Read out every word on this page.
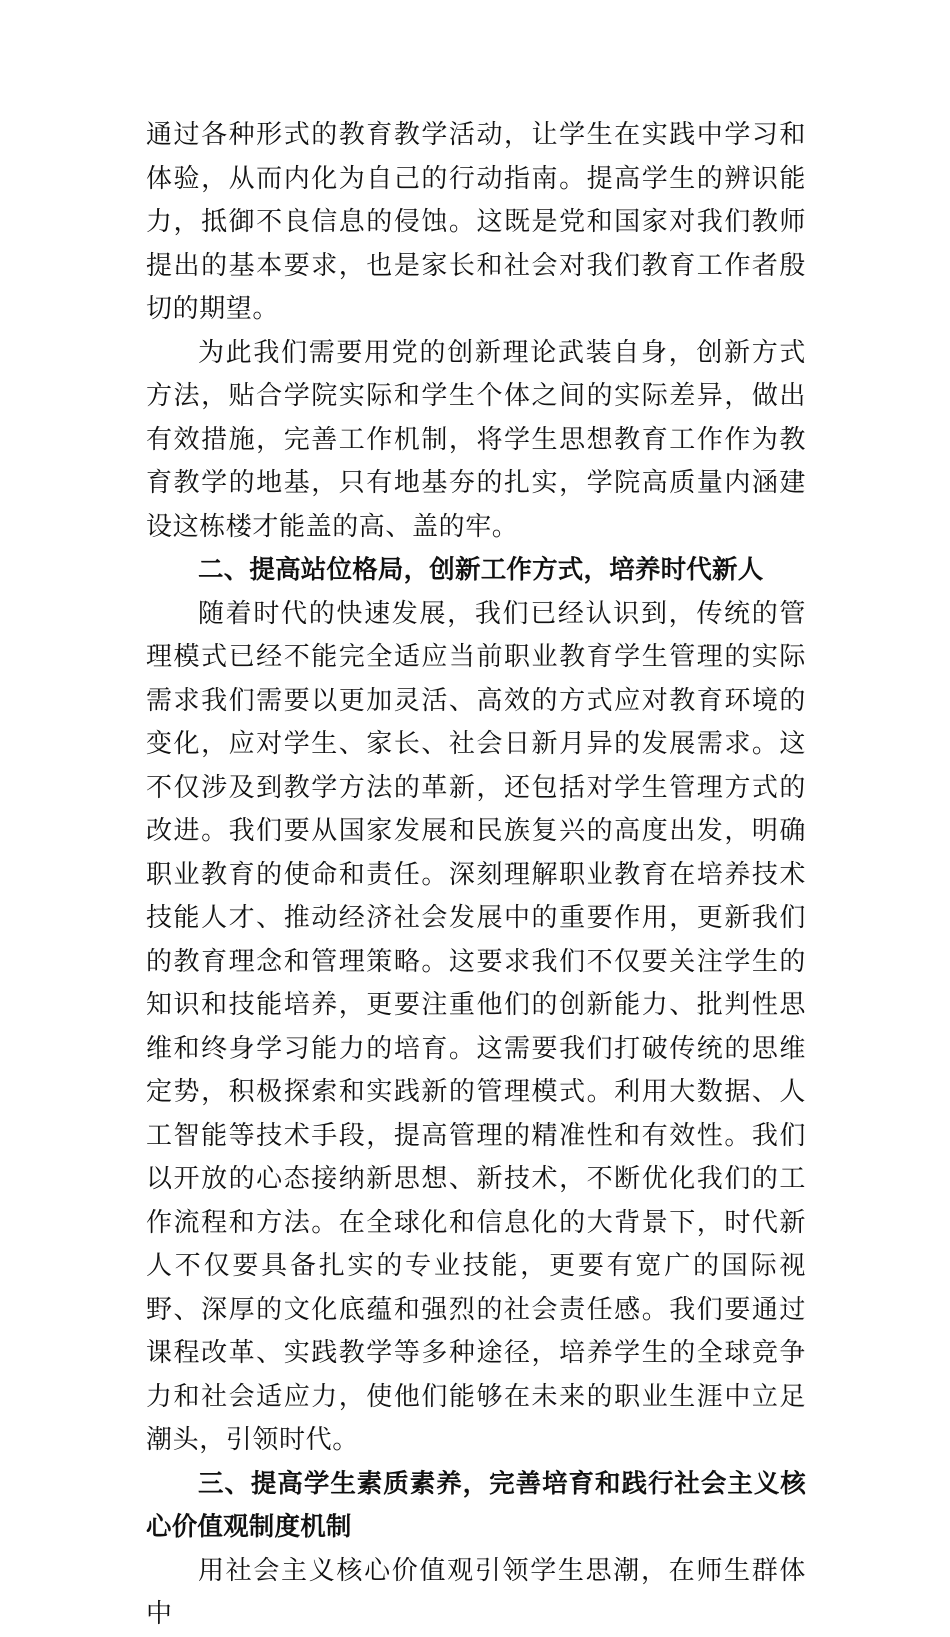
通过各种形式的教育教学活动，让学生在实践中学习和体验，从而内化为自己的行动指南。提高学生的辨识能力，抵御不良信息的侵蚀。这既是党和国家对我们教师提出的基本要求，也是家长和社会对我们教育工作者殷切的期望。

为此我们需要用党的创新理论武装自身，创新方式方法，贴合学院实际和学生个体之间的实际差异，做出有效措施，完善工作机制，将学生思想教育工作作为教育教学的地基，只有地基夯的扎实，学院高质量内涵建设这栋楼才能盖的高、盖的牢。

二、提高站位格局，创新工作方式，培养时代新人

随着时代的快速发展，我们已经认识到，传统的管理模式已经不能完全适应当前职业教育学生管理的实际需求我们需要以更加灵活、高效的方式应对教育环境的变化，应对学生、家长、社会日新月异的发展需求。这不仅涉及到教学方法的革新，还包括对学生管理方式的改进。我们要从国家发展和民族复兴的高度出发，明确职业教育的使命和责任。深刻理解职业教育在培养技术技能人才、推动经济社会发展中的重要作用，更新我们的教育理念和管理策略。这要求我们不仅要关注学生的知识和技能培养，更要注重他们的创新能力、批判性思维和终身学习能力的培育。这需要我们打破传统的思维定势，积极探索和实践新的管理模式。利用大数据、人工智能等技术手段，提高管理的精准性和有效性。我们以开放的心态接纳新思想、新技术，不断优化我们的工作流程和方法。在全球化和信息化的大背景下，时代新人不仅要具备扎实的专业技能，更要有宽广的国际视野、深厚的文化底蕴和强烈的社会责任感。我们要通过课程改革、实践教学等多种途径，培养学生的全球竞争力和社会适应力，使他们能够在未来的职业生涯中立足潮头，引领时代。

三、提高学生素质素养，完善培育和践行社会主义核心价值观制度机制

用社会主义核心价值观引领学生思潮，在师生群体中
